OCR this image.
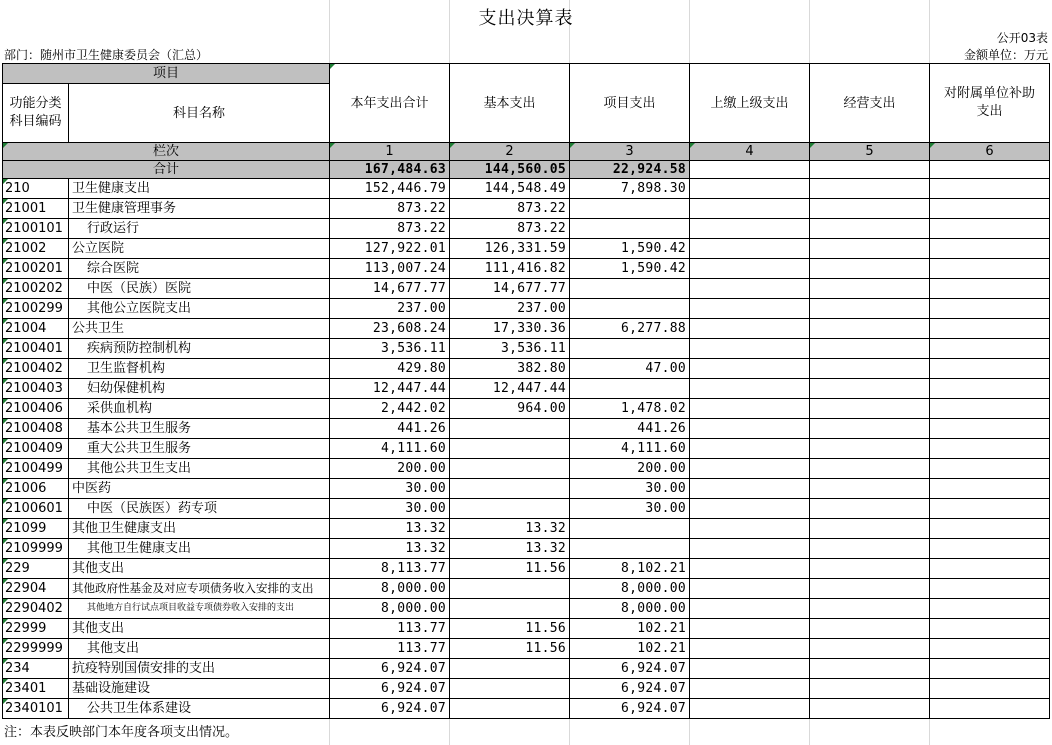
支出决算表
公开03表
部门：随州市卫生健康委员会（汇总）	金额单位：万元
项目		本年支出合计	基本支出	项目支出	上缴上级支出	经营支出	对附属单位补助
支出
功能分类
科目编码	科目名称						

栏次		1	2	3	4	5	6
合计		167,484.63	144,560.05	22,924.58			
210	卫生健康支出	152,446.79	144,548.49	7,898.30			
21001	卫生健康管理事务	873.22	873.22				
2100101	行政运行	873.22	873.22				
21002	公立医院	127,922.01	126,331.59	1,590.42			
2100201	综合医院	113,007.24	111,416.82	1,590.42			
2100202	中医（民族）医院	14,677.77	14,677.77				
2100299	其他公立医院支出	237.00	237.00				
21004	公共卫生	23,608.24	17,330.36	6,277.88			
2100401	疾病预防控制机构	3,536.11	3,536.11				
2100402	卫生监督机构	429.80	382.80	47.00			
2100403	妇幼保健机构	12,447.44	12,447.44				
2100406	采供血机构	2,442.02	964.00	1,478.02			
2100408	基本公共卫生服务	441.26		441.26			
2100409	重大公共卫生服务	4,111.60		4,111.60			
2100499	其他公共卫生支出	200.00		200.00			
21006	中医药	30.00		30.00			
2100601	中医（民族医）药专项	30.00		30.00			
21099	其他卫生健康支出	13.32	13.32				
2109999	其他卫生健康支出	13.32	13.32				
229	其他支出	8,113.77	11.56	8,102.21			
22904	其他政府性基金及对应专项债务收入安排的支出	8,000.00		8,000.00			
2290402	其他地方自行试点项目收益专项债券收入安排的支出	8,000.00		8,000.00			
22999	其他支出	113.77	11.56	102.21			
2299999	其他支出	113.77	11.56	102.21			
234	抗疫特别国债安排的支出	6,924.07		6,924.07			
23401	基础设施建设	6,924.07		6,924.07			
2340101	公共卫生体系建设	6,924.07		6,924.07			
注：本表反映部门本年度各项支出情况。
